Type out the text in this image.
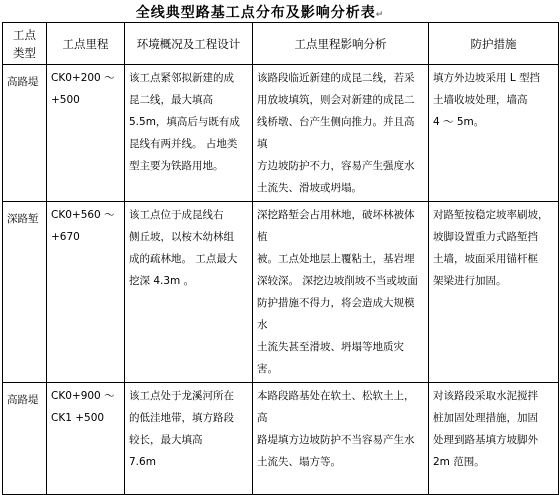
全线典型路基工点分布及影响分析表↵
工点
类型	工点里程	环境概况及工程设计	工点里程影响分析	防护措施
高路堤	CK0+200 ～
+500	该工点紧邻拟新建的成
昆二线，最大填高
5.5m，填高后与既有成
昆线有两并线。 占地类
型主要为铁路用地。	该路段临近新建的成昆二线，若采
用放坡填筑，则会对新建的成昆二
线桥墩、台产生侧向推力。并且高填
方边坡防护不力，容易产生强度水
土流失、滑坡或坍塌。	填方外边坡采用 L 型挡
土墙收坡处理，墙高
4 ～ 5m。
深路堑	CK0+560 ～
+670	该工点位于成昆线右
侧丘坡，以桉木幼林组
成的疏林地。 工点最大
挖深 4.3m 。	深挖路堑会占用林地，破坏林被体植
被。工点处地层上覆粘土，基岩埋
深较深。 深挖边坡削坡不当或坡面
防护措施不得力，将会造成大规模水
土流失甚至滑坡、坍塌等地质灾害。	对路堑按稳定坡率刷坡，
坡脚设置重力式路堑挡
土墙，坡面采用锚杆框
架梁进行加固。
高路堤	CK0+900 ～
CK1 +500	该工点处于龙溪河所在
的低洼地带，填方路段
较长，最大填高
7.6m	本路段路基处在软土、松软土上，高
路堤填方边坡防护不当容易产生水
土流失、塌方等。	对该路段采取水泥搅拌
桩加固处理措施，加固
处理到路基填方坡脚外
2m 范围。
